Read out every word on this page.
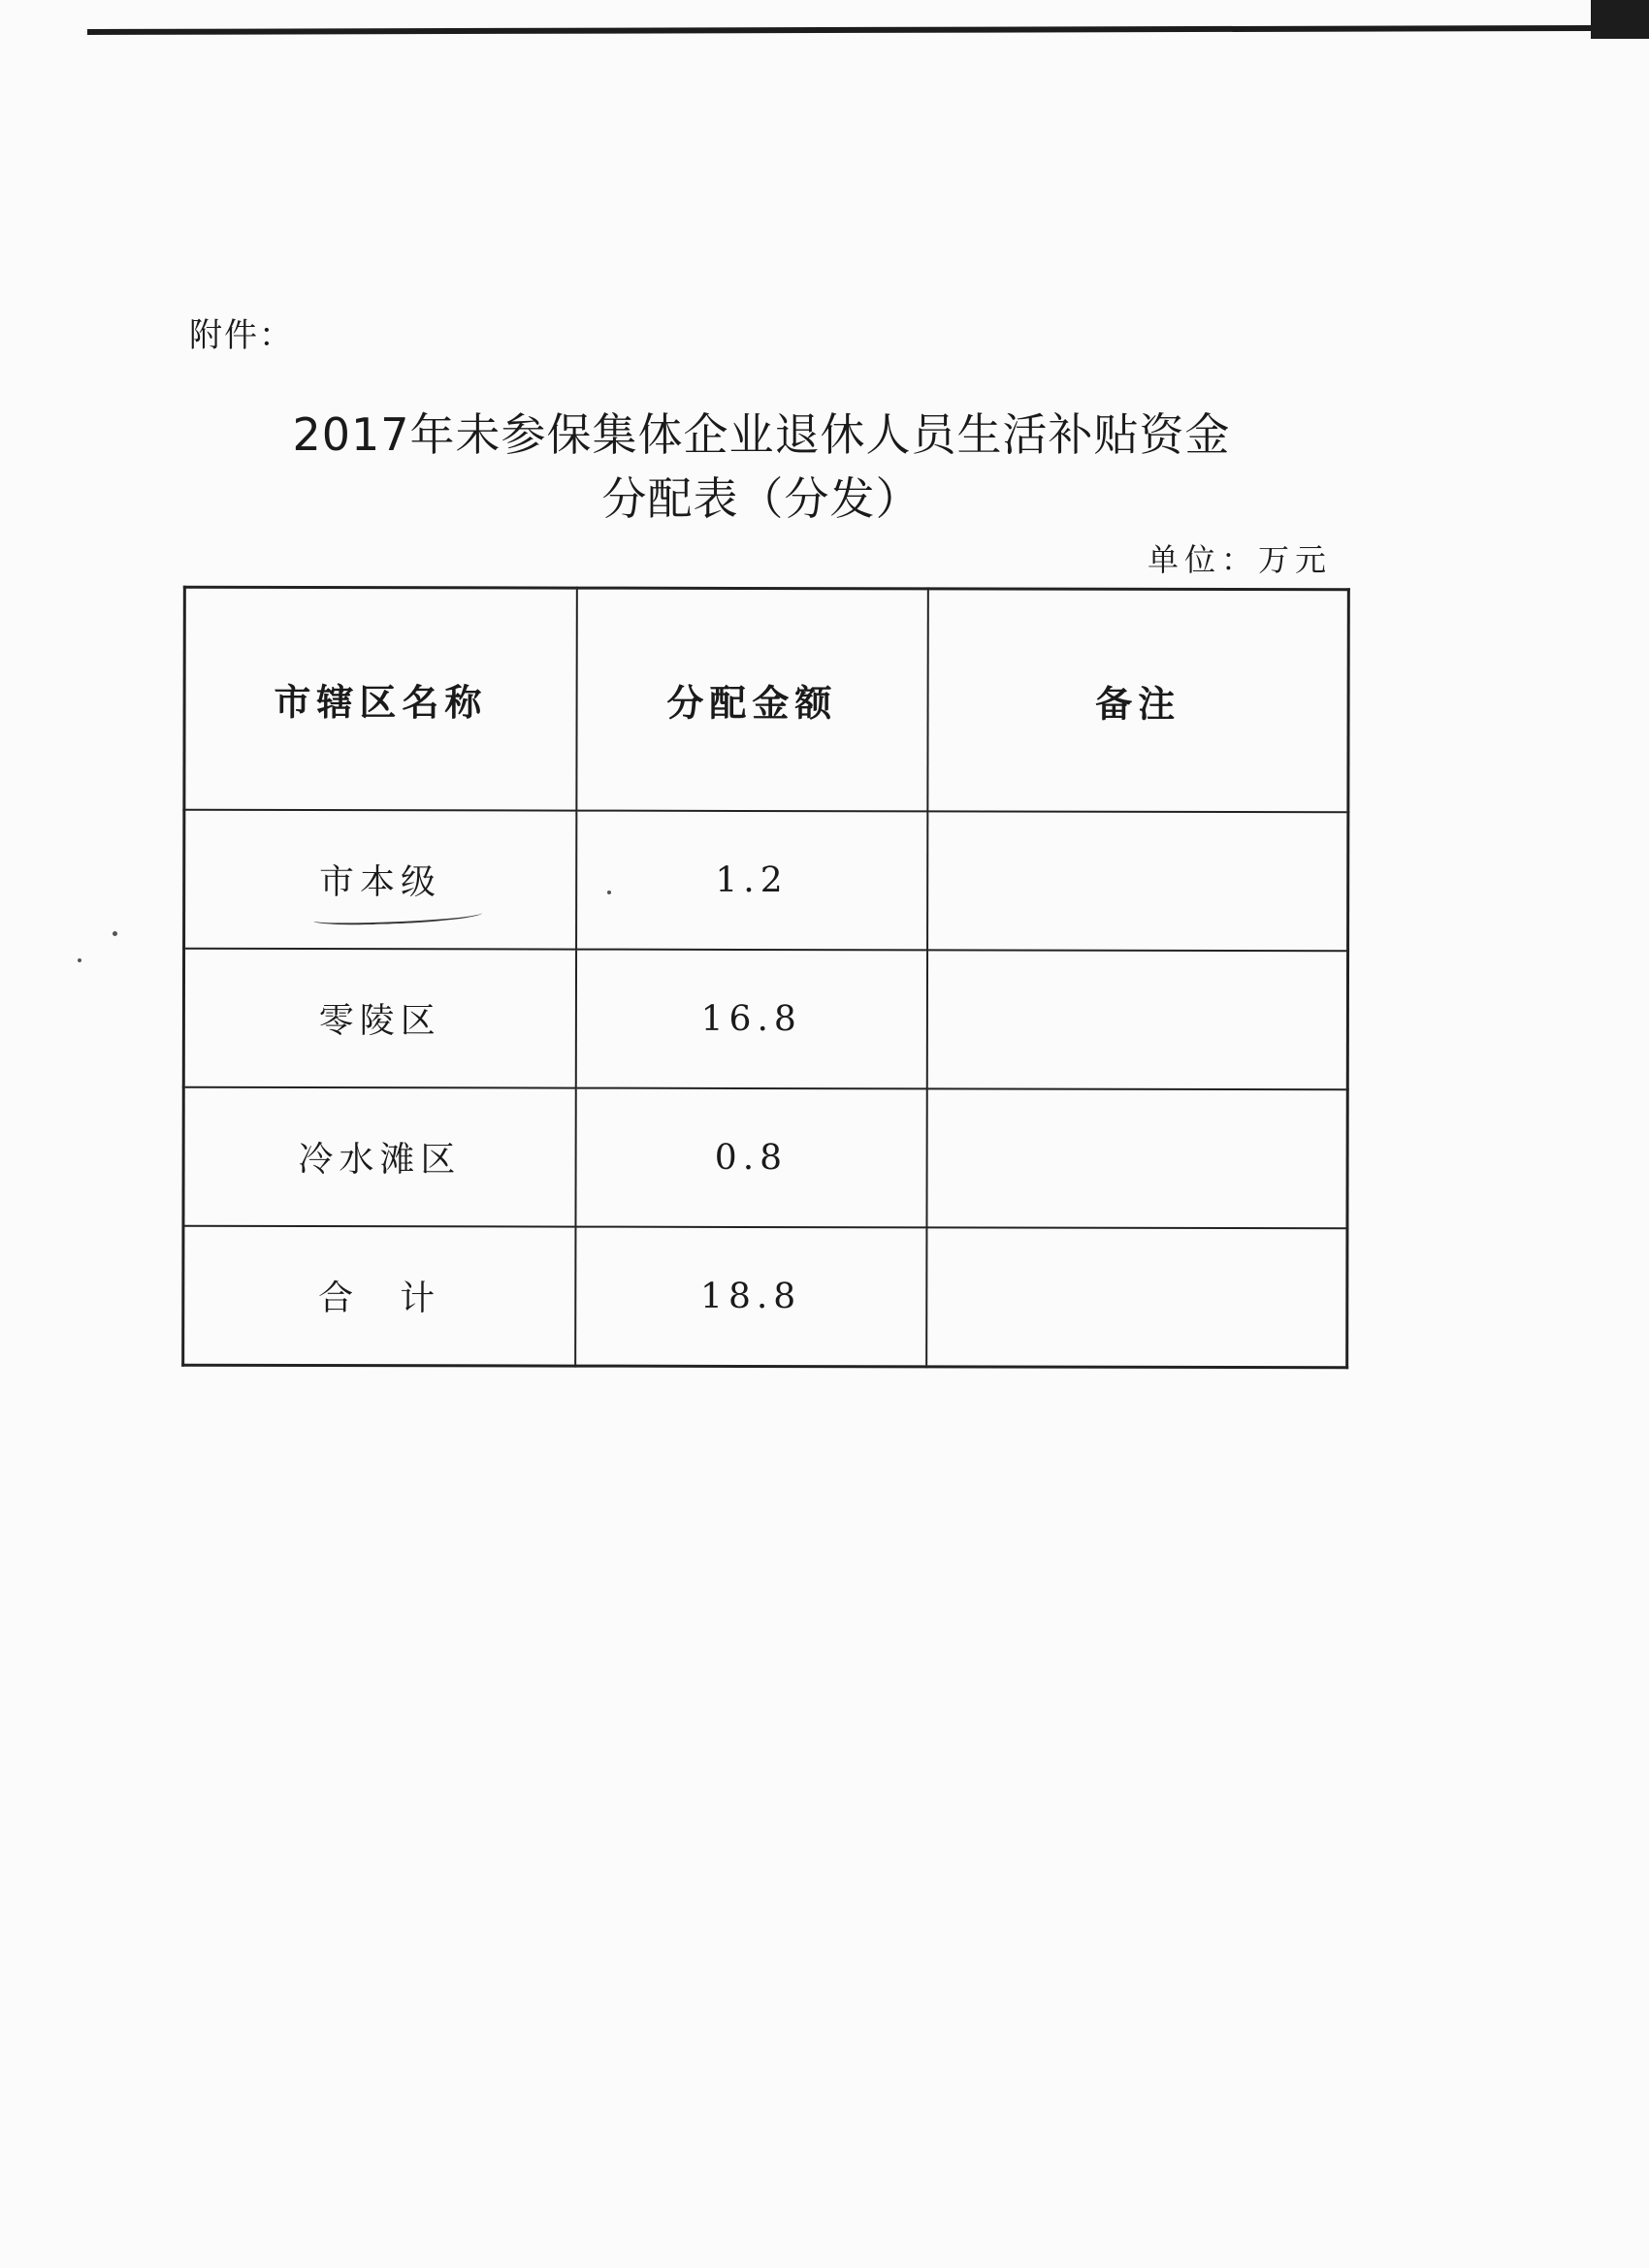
附件：
2017年未参保集体企业退休人员生活补贴资金
分配表（分发）
单位：万元
市辖区名称	分配金额	备注
市本级	1.2	
零陵区	16.8	
冷水滩区	0.8	
合　计	18.8	
